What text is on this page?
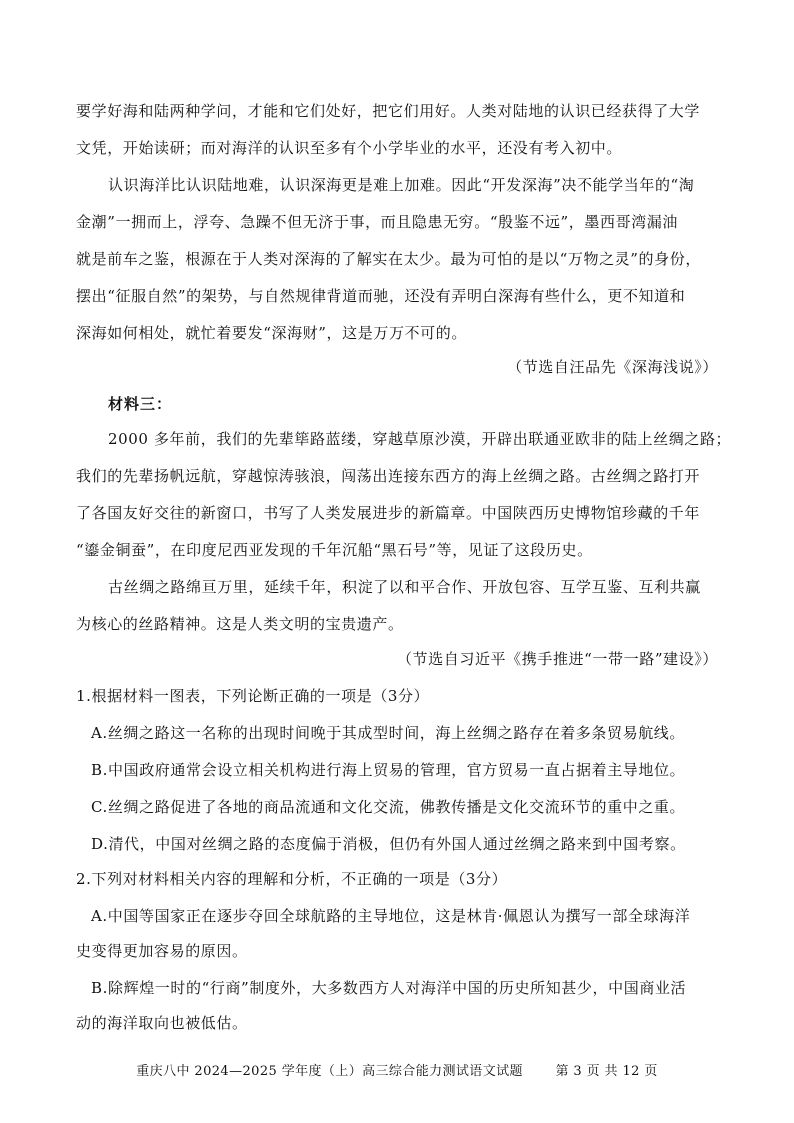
要学好海和陆两种学问，才能和它们处好，把它们用好。人类对陆地的认识已经获得了大学
文凭，开始读研；而对海洋的认识至多有个小学毕业的水平，还没有考入初中。
认识海洋比认识陆地难，认识深海更是难上加难。因此“开发深海”决不能学当年的“淘
金潮”一拥而上，浮夸、急躁不但无济于事，而且隐患无穷。“殷鉴不远”，墨西哥湾漏油
就是前车之鉴，根源在于人类对深海的了解实在太少。最为可怕的是以“万物之灵”的身份，
摆出“征服自然”的架势，与自然规律背道而驰，还没有弄明白深海有些什么，更不知道和
深海如何相处，就忙着要发“深海财”，这是万万不可的。
（节选自汪品先《深海浅说》）
材料三：
2000 多年前，我们的先辈筚路蓝缕，穿越草原沙漠，开辟出联通亚欧非的陆上丝绸之路；
我们的先辈扬帆远航，穿越惊涛骇浪，闯荡出连接东西方的海上丝绸之路。古丝绸之路打开
了各国友好交往的新窗口，书写了人类发展进步的新篇章。中国陕西历史博物馆珍藏的千年
“鎏金铜蚕”，在印度尼西亚发现的千年沉船“黑石号”等，见证了这段历史。
古丝绸之路绵亘万里，延续千年，积淀了以和平合作、开放包容、互学互鉴、互利共赢
为核心的丝路精神。这是人类文明的宝贵遗产。
（节选自习近平《携手推进“一带一路”建设》）
1.根据材料一图表，下列论断正确的一项是（3分）
A.丝绸之路这一名称的出现时间晚于其成型时间，海上丝绸之路存在着多条贸易航线。
B.中国政府通常会设立相关机构进行海上贸易的管理，官方贸易一直占据着主导地位。
C.丝绸之路促进了各地的商品流通和文化交流，佛教传播是文化交流环节的重中之重。
D.清代，中国对丝绸之路的态度偏于消极，但仍有外国人通过丝绸之路来到中国考察。
2.下列对材料相关内容的理解和分析，不正确的一项是（3分）
A.中国等国家正在逐步夺回全球航路的主导地位，这是林肯·佩恩认为撰写一部全球海洋
史变得更加容易的原因。
B.除辉煌一时的“行商”制度外，大多数西方人对海洋中国的历史所知甚少，中国商业活
动的海洋取向也被低估。
重庆八中 2024—2025 学年度（上）高三综合能力测试语文试题	第 3 页 共 12 页
